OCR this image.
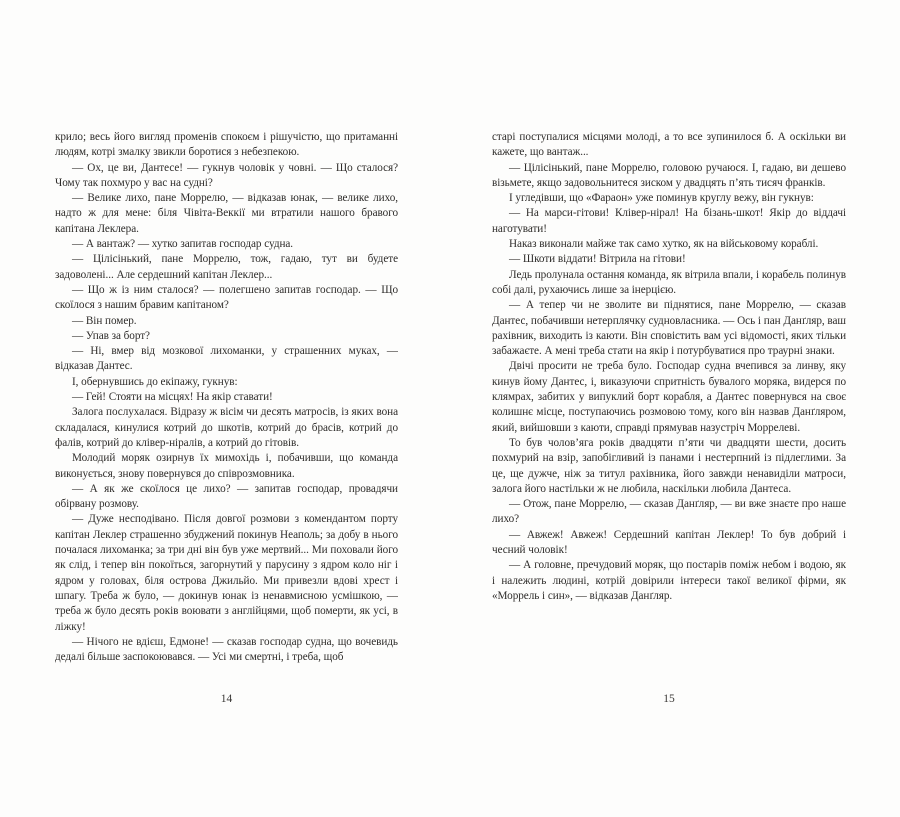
крило; весь його вигляд променів спокоєм і рішучістю, що притаманні людям, котрі змалку звикли боротися з небезпекою.

— Ох, це ви, Дантесе! — гукнув чоловік у човні. — Що сталося? Чому так похмуро у вас на судні?

— Велике лихо, пане Моррелю, — відказав юнак, — велике лихо, надто ж для мене: біля Чівіта-Веккії ми втратили нашого бравого капітана Леклера.

— А вантаж? — хутко запитав господар судна.

— Цілісінький, пане Моррелю, тож, гадаю, тут ви будете задоволені... Але сердешний капітан Леклер...

— Що ж із ним сталося? — полегшено запитав господар. — Що скоїлося з нашим бравим капітаном?

— Він помер.

— Упав за борт?

— Ні, вмер від мозкової лихоманки, у страшенних муках, — відказав Дантес.

І, обернувшись до екіпажу, гукнув:

— Гей! Стояти на місцях! На якір ставати!

Залога послухалася. Відразу ж вісім чи десять матросів, із яких вона складалася, кинулися котрий до шкотів, котрий до брасів, котрий до фалів, котрий до клівер-ніралів, а котрий до гітовів.

Молодий моряк озирнув їх мимохідь і, побачивши, що команда виконується, знову повернувся до співрозмовника.

— А як же скоїлося це лихо? — запитав господар, провадячи обірвану розмову.

— Дуже несподівано. Після довгої розмови з комендантом порту капітан Леклер страшенно збуджений покинув Неаполь; за добу в нього почалася лихоманка; за три дні він був уже мертвий... Ми поховали його як слід, і тепер він покоїться, загорнутий у парусину з ядром коло ніг і ядром у головах, біля острова Джильйо. Ми привезли вдові хрест і шпагу. Треба ж було, — докинув юнак із ненавмисною усмішкою, — треба ж було десять років воювати з англійцями, щоб померти, як усі, в ліжку!

— Нічого не вдієш, Едмоне! — сказав господар судна, що вочевидь дедалі більше заспокоювався. — Усі ми смертні, і треба, щоб

14

старі поступалися місцями молоді, а то все зупинилося б. А оскільки ви кажете, що вантаж...

— Цілісінький, пане Моррелю, головою ручаюся. І, гадаю, ви дешево візьмете, якщо задовольнитеся зиском у двадцять п’ять тисяч франків.

І угледівши, що «Фараон» уже поминув круглу вежу, він гукнув:

— На марси-гітови! Клівер-нірал! На бізань-шкот! Якір до віддачі наготувати!

Наказ виконали майже так само хутко, як на військовому кораблі.

— Шкоти віддати! Вітрила на гітови!

Ледь пролунала остання команда, як вітрила впали, і корабель полинув собі далі, рухаючись лише за інерцією.

— А тепер чи не зволите ви піднятися, пане Моррелю, — сказав Дантес, побачивши нетерплячку судновласника. — Ось і пан Данґляр, ваш рахівник, виходить із каюти. Він сповістить вам усі відомості, яких тільки забажаєте. А мені треба стати на якір і потурбуватися про траурні знаки.

Двічі просити не треба було. Господар судна вчепився за линву, яку кинув йому Дантес, і, виказуючи спритність бувалого моряка, видерся по клямрах, забитих у випуклий борт корабля, а Дантес повернувся на своє колишнє місце, поступаючись розмовою тому, кого він назвав Данґляром, який, вийшовши з каюти, справді прямував назустріч Моррелеві.

То був чолов’яга років двадцяти п’яти чи двадцяти шести, досить похмурий на взір, запобігливий із панами і нестерпний із підлеглими. За це, ще дужче, ніж за титул рахівника, його завжди ненавиділи матроси, залога його настільки ж не любила, наскільки любила Дантеса.

— Отож, пане Моррелю, — сказав Данґляр, — ви вже знаєте про наше лихо?

— Авжеж! Авжеж! Сердешний капітан Леклер! То був добрий і чесний чоловік!

— А головне, пречудовий моряк, що постарів поміж небом і водою, як і належить людині, котрій довірили інтереси такої великої фірми, як «Моррель і син», — відказав Данґляр.

15
